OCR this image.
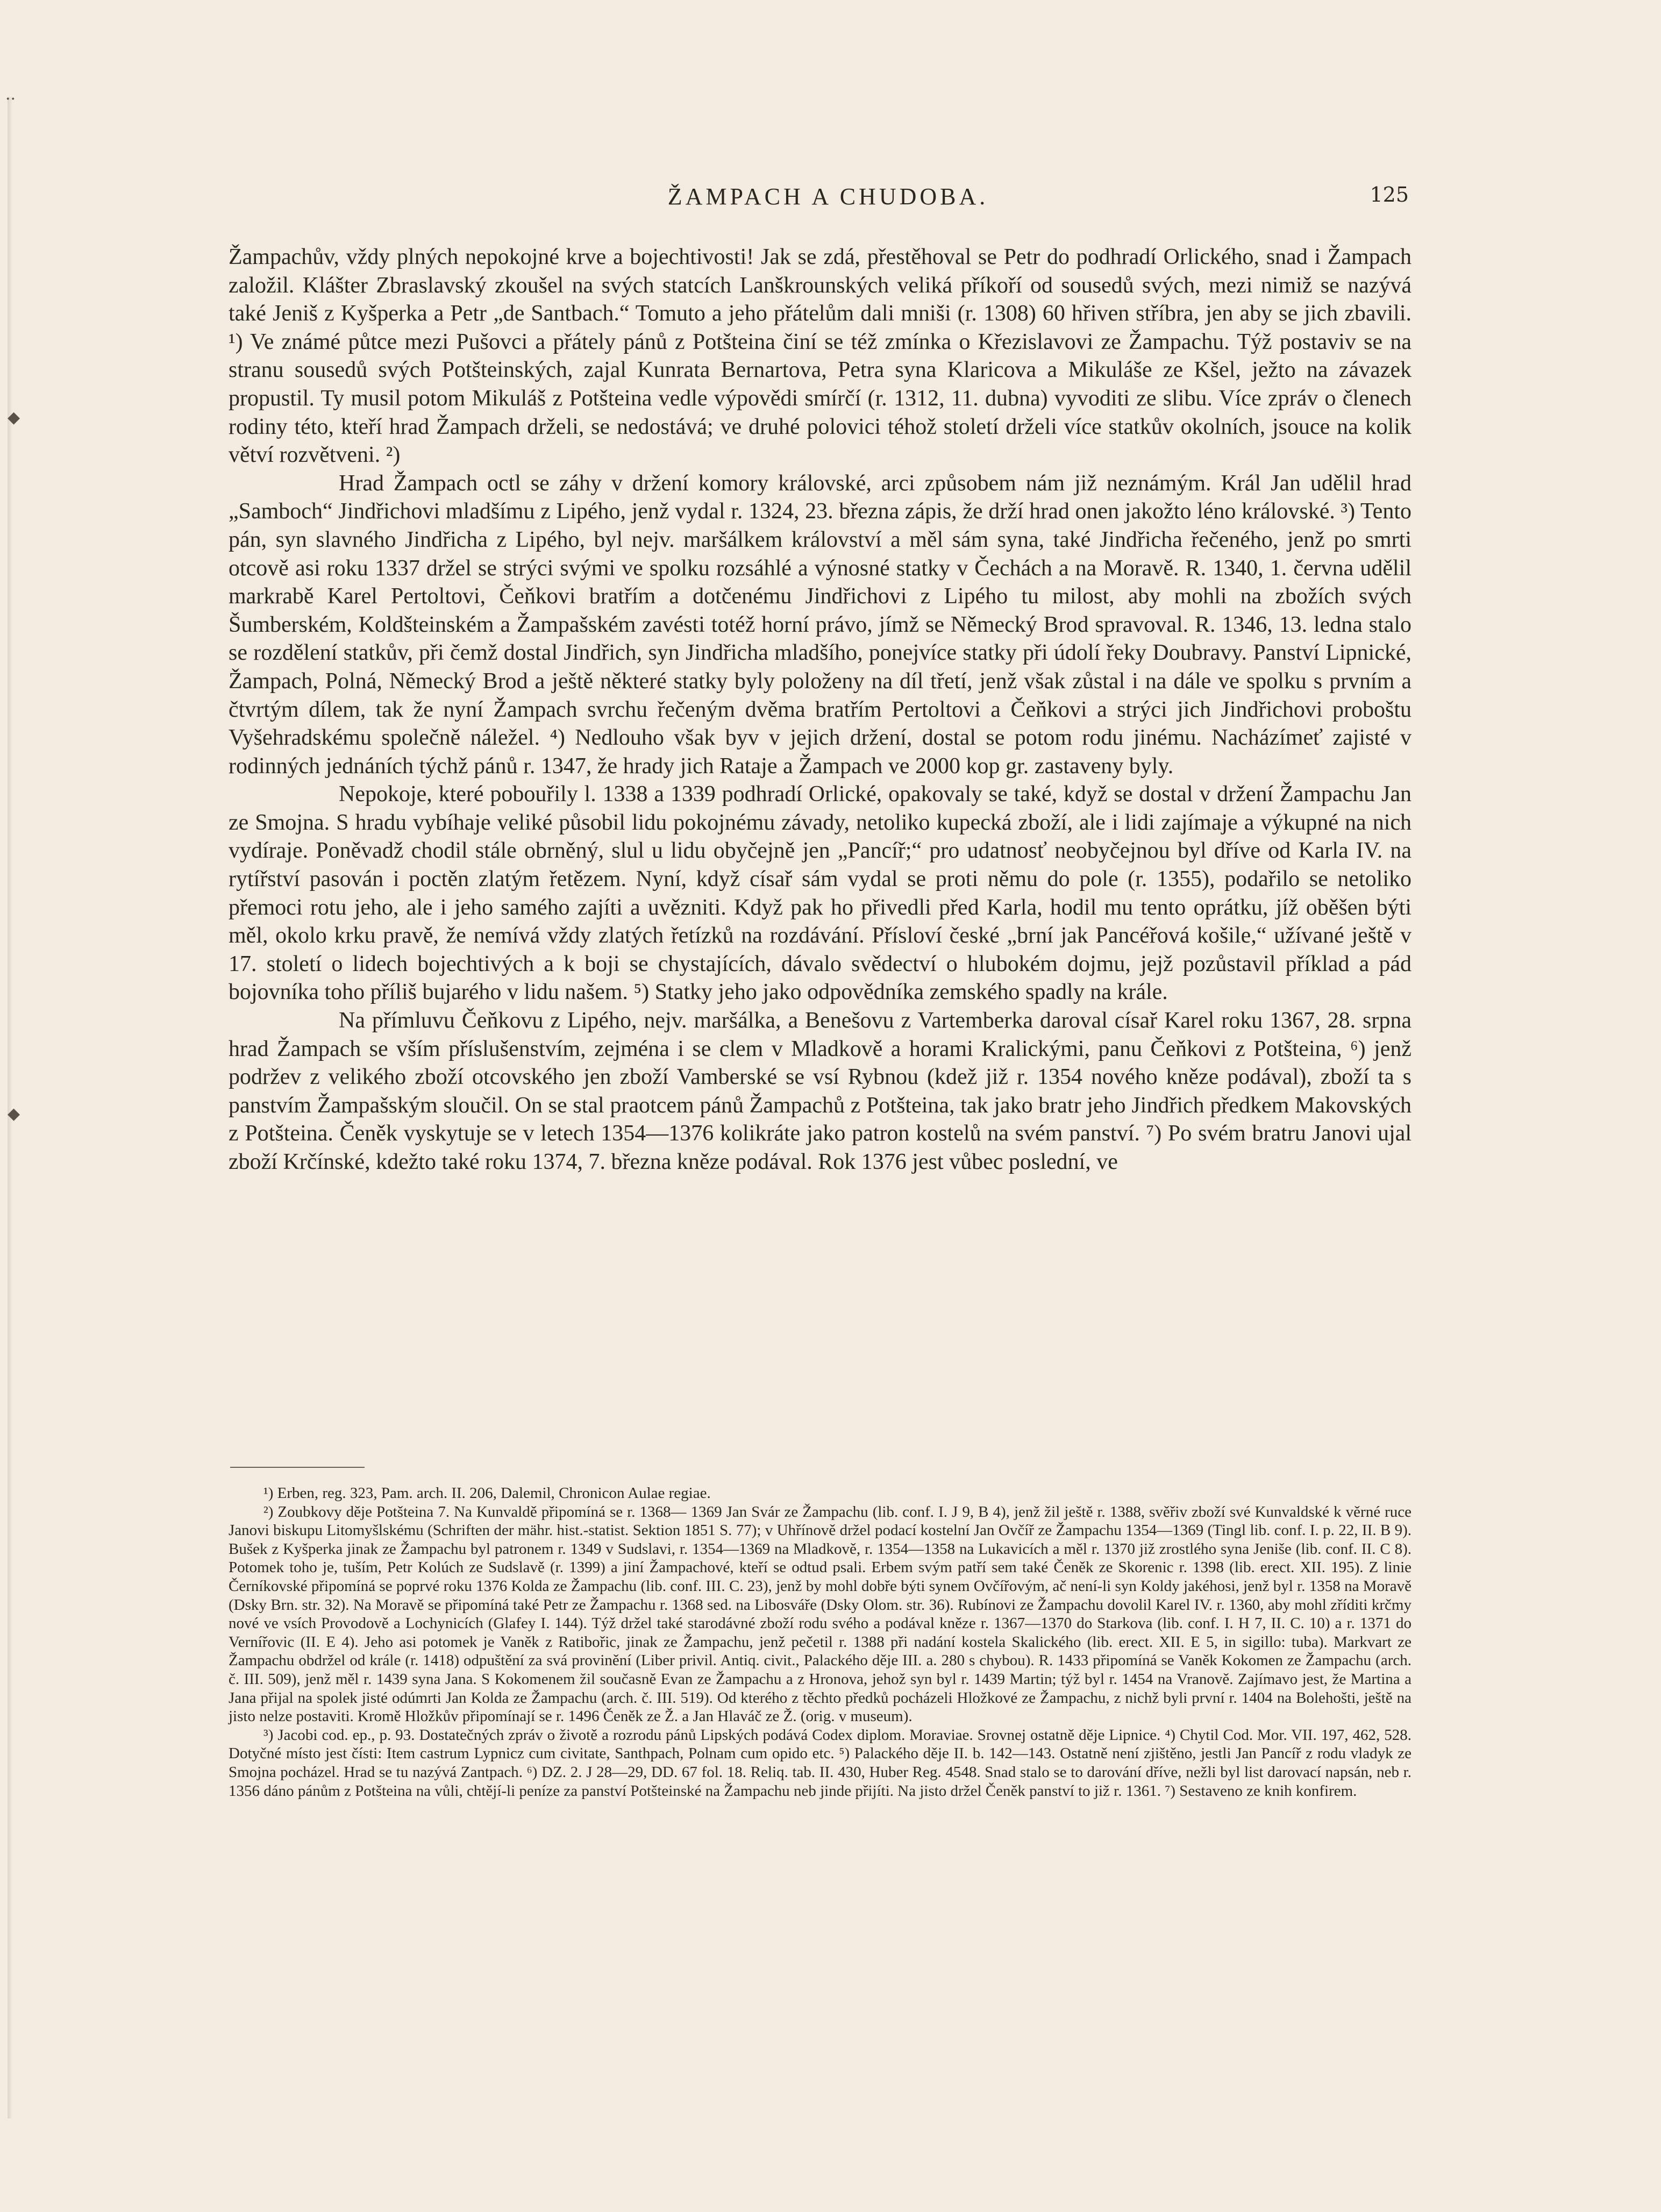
··
◆
◆
ŽAMPACH A CHUDOBA.	125

Žampachův, vždy plných nepokojné krve a bojechtivosti! Jak se zdá, přestěhoval se Petr do podhradí Orlického, snad i Žampach založil. Klášter Zbraslavský zkoušel na svých statcích Lanškrounských veliká příkoří od sousedů svých, mezi nimiž se nazývá také Jeniš z Kyšperka a Petr „de Santbach.“ Tomuto a jeho přátelům dali mniši (r. 1308) 60 hřiven stříbra, jen aby se jich zbavili. ¹) Ve známé půtce mezi Pušovci a přátely pánů z Potšteina činí se též zmínka o Křezislavovi ze Žampachu. Týž postaviv se na stranu sousedů svých Potšteinských, zajal Kunrata Bernartova, Petra syna Klaricova a Mikuláše ze Kšel, ježto na závazek propustil. Ty musil potom Mikuláš z Potšteina vedle výpovědi smírčí (r. 1312, 11. dubna) vyvoditi ze slibu. Více zpráv o členech rodiny této, kteří hrad Žampach drželi, se nedostává; ve druhé polovici téhož století drželi více statkův okolních, jsouce na kolik větví rozvětveni. ²)

Hrad Žampach octl se záhy v držení komory královské, arci způsobem nám již neznámým. Král Jan udělil hrad „Samboch“ Jindřichovi mladšímu z Lipého, jenž vydal r. 1324, 23. března zápis, že drží hrad onen jakožto léno královské. ³) Tento pán, syn slavného Jindřicha z Lipého, byl nejv. maršálkem království a měl sám syna, také Jindřicha řečeného, jenž po smrti otcově asi roku 1337 držel se strýci svými ve spolku rozsáhlé a výnosné statky v Čechách a na Moravě. R. 1340, 1. června udělil markrabě Karel Pertoltovi, Čeňkovi bratřím a dotčenému Jindřichovi z Lipého tu milost, aby mohli na zbožích svých Šumberském, Koldšteinském a Žampašském zavésti totéž horní právo, jímž se Německý Brod spravoval. R. 1346, 13. ledna stalo se rozdělení statkův, při čemž dostal Jindřich, syn Jindřicha mladšího, ponejvíce statky při údolí řeky Doubravy. Panství Lipnické, Žampach, Polná, Německý Brod a ještě některé statky byly položeny na díl třetí, jenž však zůstal i na dále ve spolku s prvním a čtvrtým dílem, tak že nyní Žampach svrchu řečeným dvěma bratřím Pertoltovi a Čeňkovi a strýci jich Jindřichovi proboštu Vyšehradskému společně náležel. ⁴) Nedlouho však byv v jejich držení, dostal se potom rodu jinému. Nacházímeť zajisté v rodinných jednáních týchž pánů r. 1347, že hrady jich Rataje a Žampach ve 2000 kop gr. zastaveny byly.

Nepokoje, které pobouřily l. 1338 a 1339 podhradí Orlické, opakovaly se také, když se dostal v držení Žampachu Jan ze Smojna. S hradu vybíhaje veliké působil lidu pokojnému závady, netoliko kupecká zboží, ale i lidi zajímaje a výkupné na nich vydíraje. Poněvadž chodil stále obrněný, slul u lidu obyčejně jen „Pancíř;“ pro udatnosť neobyčejnou byl dříve od Karla IV. na rytířství pasován i poctěn zlatým řetězem. Nyní, když císař sám vydal se proti němu do pole (r. 1355), podařilo se netoliko přemoci rotu jeho, ale i jeho samého zajíti a uvězniti. Když pak ho přivedli před Karla, hodil mu tento oprátku, jíž oběšen býti měl, okolo krku pravě, že nemívá vždy zlatých řetízků na rozdávání. Přísloví české „brní jak Pancéřová košile,“ užívané ještě v 17. století o lidech bojechtivých a k boji se chystajících, dávalo svědectví o hlubokém dojmu, jejž pozůstavil příklad a pád bojovníka toho příliš bujarého v lidu našem. ⁵) Statky jeho jako odpovědníka zemského spadly na krále.

Na přímluvu Čeňkovu z Lipého, nejv. maršálka, a Benešovu z Vartemberka daroval císař Karel roku 1367, 28. srpna hrad Žampach se vším příslušenstvím, zejména i se clem v Mladkově a horami Kralickými, panu Čeňkovi z Potšteina, ⁶) jenž podržev z velikého zboží otcovského jen zboží Vamberské se vsí Rybnou (kdež již r. 1354 nového kněze podával), zboží ta s panstvím Žampašským sloučil. On se stal praotcem pánů Žampachů z Potšteina, tak jako bratr jeho Jindřich předkem Makovských z Potšteina. Čeněk vyskytuje se v letech 1354—1376 kolikráte jako patron kostelů na svém panství. ⁷) Po svém bratru Janovi ujal zboží Krčínské, kdežto také roku 1374, 7. března kněze podával. Rok 1376 jest vůbec poslední, ve

¹) Erben, reg. 323, Pam. arch. II. 206, Dalemil, Chronicon Aulae regiae.

²) Zoubkovy děje Potšteina 7. Na Kunvaldě připomíná se r. 1368— 1369 Jan Svár ze Žampachu (lib. conf. I. J 9, B 4), jenž žil ještě r. 1388, svěřiv zboží své Kunvaldské k věrné ruce Janovi biskupu Litomyšlskému (Schriften der mähr. hist.-statist. Sektion 1851 S. 77); v Uhřínově držel podací kostelní Jan Ovčíř ze Žampachu 1354—1369 (Tingl lib. conf. I. p. 22, II. B 9). Bušek z Kyšperka jinak ze Žampachu byl patronem r. 1349 v Sudslavi, r. 1354—1369 na Mladkově, r. 1354—1358 na Lukavicích a měl r. 1370 již zrostlého syna Jeniše (lib. conf. II. C 8). Potomek toho je, tuším, Petr Kolúch ze Sudslavě (r. 1399) a jiní Žampachové, kteří se odtud psali. Erbem svým patří sem také Čeněk ze Skorenic r. 1398 (lib. erect. XII. 195). Z linie Černíkovské připomíná se poprvé roku 1376 Kolda ze Žampachu (lib. conf. III. C. 23), jenž by mohl dobře býti synem Ovčířovým, ač není-li syn Koldy jakéhosi, jenž byl r. 1358 na Moravě (Dsky Brn. str. 32). Na Moravě se připomíná také Petr ze Žampachu r. 1368 sed. na Libosváře (Dsky Olom. str. 36). Rubínovi ze Žampachu dovolil Karel IV. r. 1360, aby mohl zříditi krčmy nové ve vsích Provodově a Lochynicích (Glafey I. 144). Týž držel také starodávné zboží rodu svého a podával kněze r. 1367—1370 do Starkova (lib. conf. I. H 7, II. C. 10) a r. 1371 do Vernířovic (II. E 4). Jeho asi potomek je Vaněk z Ratibořic, jinak ze Žampachu, jenž pečetil r. 1388 při nadání kostela Skalického (lib. erect. XII. E 5, in sigillo: tuba). Markvart ze Žampachu obdržel od krále (r. 1418) odpuštění za svá provinění (Liber privil. Antiq. civit., Palackého děje III. a. 280 s chybou). R. 1433 připomíná se Vaněk Kokomen ze Žampachu (arch. č. III. 509), jenž měl r. 1439 syna Jana. S Kokomenem žil současně Evan ze Žampachu a z Hronova, jehož syn byl r. 1439 Martin; týž byl r. 1454 na Vranově. Zajímavo jest, že Martina a Jana přijal na spolek jisté odúmrti Jan Kolda ze Žampachu (arch. č. III. 519). Od kterého z těchto předků pocházeli Hložkové ze Žampachu, z nichž byli první r. 1404 na Bolehošti, ještě na jisto nelze postaviti. Kromě Hložkův připomínají se r. 1496 Čeněk ze Ž. a Jan Hlaváč ze Ž. (orig. v museum).

³) Jacobi cod. ep., p. 93. Dostatečných zpráv o životě a rozrodu pánů Lipských podává Codex diplom. Moraviae. Srovnej ostatně děje Lipnice. ⁴) Chytil Cod. Mor. VII. 197, 462, 528. Dotyčné místo jest čísti: Item castrum Lypnicz cum civitate, Santhpach, Polnam cum opido etc. ⁵) Palackého děje II. b. 142—143. Ostatně není zjištěno, jestli Jan Pancíř z rodu vladyk ze Smojna pocházel. Hrad se tu nazývá Zantpach. ⁶) DZ. 2. J 28—29, DD. 67 fol. 18. Reliq. tab. II. 430, Huber Reg. 4548. Snad stalo se to darování dříve, nežli byl list darovací napsán, neb r. 1356 dáno pánům z Potšteina na vůli, chtějí-li peníze za panství Potšteinské na Žampachu neb jinde přijíti. Na jisto držel Čeněk panství to již r. 1361. ⁷) Sestaveno ze knih konfirem.
